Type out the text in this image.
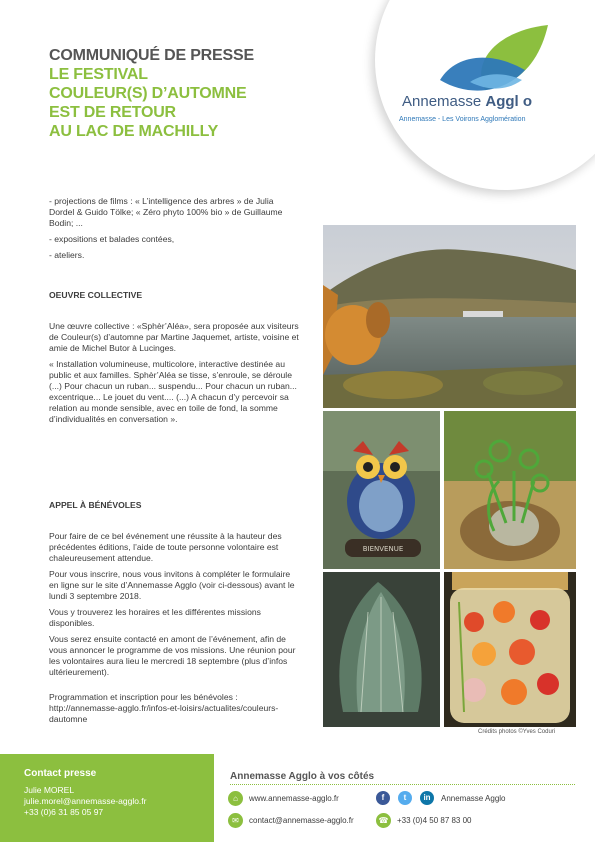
COMMUNIQUÉ DE PRESSE
LE FESTIVAL
COULEUR(S) D’AUTOMNE
EST DE RETOUR
AU LAC DE MACHILLY
Annemasse Aggl o
Annemasse - Les Voirons Agglomération

- projections de films : « L’intelligence des arbres » de Julia Dordel & Guido Tölke; « Zéro phyto 100% bio » de Guillaume Bodin; ...

- expositions et balades contées,

- ateliers.

OEUVRE COLLECTIVE

Une œuvre collective : «Sphèr’Aléa», sera proposée aux visiteurs de Couleur(s) d’automne par Martine Jaquemet, artiste, voisine et amie de Michel Butor à Lucinges.

« Installation volumineuse, multicolore, interactive destinée au public et aux familles. Sphèr’Aléa se tisse, s’enroule, se déroule (...) Pour chacun un ruban... suspendu... Pour chacun un ruban... excentrique... Le jouet du vent.... (...) A chacun d’y percevoir sa relation au monde sensible, avec en toile de fond, la somme d’individualités en conversation ».

APPEL À BÉNÉVOLES

Pour faire de ce bel événement une réussite à la hauteur des précédentes éditions, l’aide de toute personne volontaire est chaleureusement attendue.

Pour vous inscrire, nous vous invitons à compléter le formulaire en ligne sur le site d’Annemasse Agglo (voir ci-dessous) avant le lundi 3 septembre 2018.

Vous y trouverez les horaires et les différentes missions disponibles.

Vous serez ensuite contacté en amont de l’événement, afin de vous annoncer le programme de vos missions. Une réunion pour les volontaires aura lieu le mercredi 18 septembre (plus d’infos ultérieurement).

Programmation et inscription pour les bénévoles : http://annemasse-agglo.fr/infos-et-loisirs/actualites/couleurs-dautomne

BIENVENUE
Crédits photos ©Yves Coduri
Contact presse
Julie MOREL
julie.morel@annemasse-agglo.fr
+33 (0)6 31 85 05 97
Annemasse Agglo à vos côtés
⌂	www.annemasse-agglo.fr	f	t	in	Annemasse Agglo
✉	contact@annemasse-agglo.fr	☎	+33 (0)4 50 87 83 00
